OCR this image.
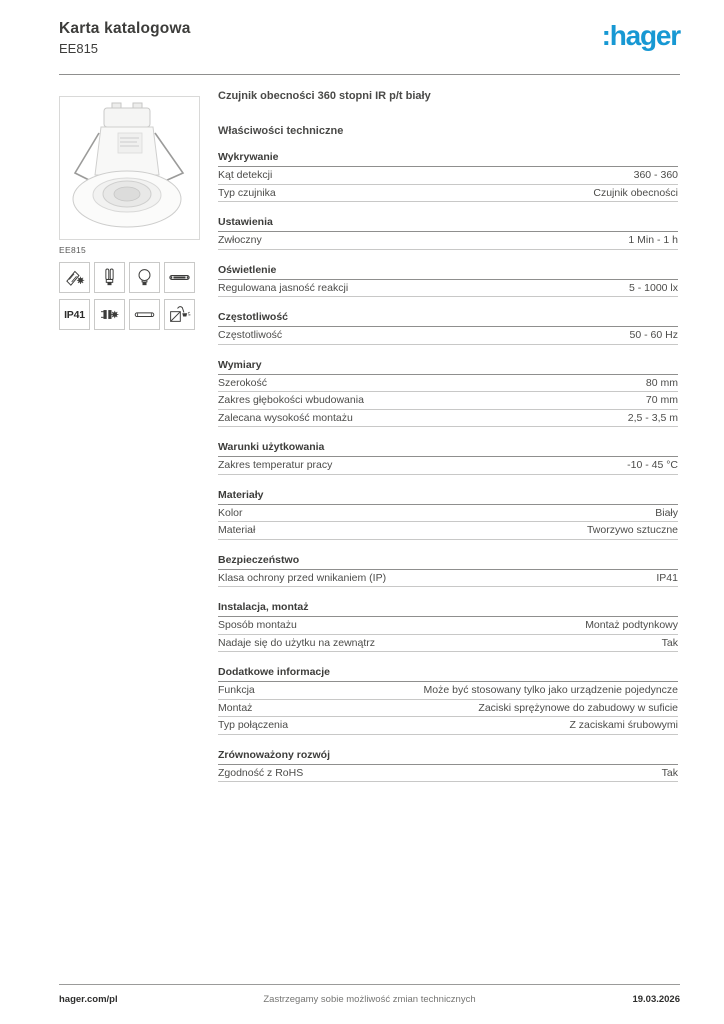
Karta katalogowa
EE815	:hager
EE815
IP41
Czujnik obecności 360 stopni IR p/t biały
Właściwości techniczne
Wykrywanie
Kąt detekcji	360 - 360
Typ czujnika	Czujnik obecności
Ustawienia
Zwłoczny	1 Min - 1 h
Oświetlenie
Regulowana jasność reakcji	5 - 1000 lx
Częstotliwość
Częstotliwość	50 - 60 Hz
Wymiary
Szerokość	80 mm
Zakres głębokości wbudowania	70 mm
Zalecana wysokość montażu	2,5 - 3,5 m
Warunki użytkowania
Zakres temperatur pracy	-10 - 45 °C
Materiały
Kolor	Biały
Materiał	Tworzywo sztuczne
Bezpieczeństwo
Klasa ochrony przed wnikaniem (IP)	IP41
Instalacja, montaż
Sposób montażu	Montaż podtynkowy
Nadaje się do użytku na zewnątrz	Tak
Dodatkowe informacje
Funkcja	Może być stosowany tylko jako urządzenie pojedyncze
Montaż	Zaciski sprężynowe do zabudowy w suficie
Typ połączenia	Z zaciskami śrubowymi
Zrównoważony rozwój
Zgodność z RoHS	Tak
hager.com/pl	Zastrzegamy sobie możliwość zmian technicznych	19.03.2026
